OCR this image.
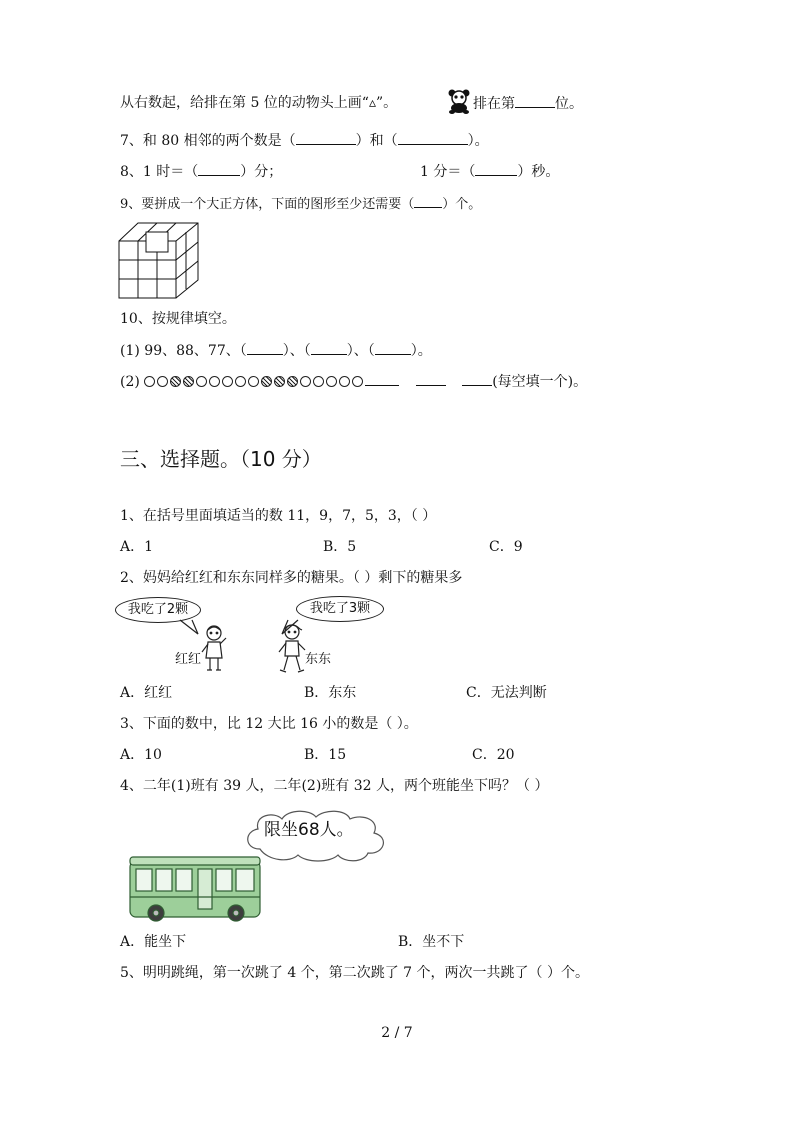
从右数起，给排在第 5 位的动物头上画“▵”。	排在第	位。
7、和 80 相邻的两个数是（	）和（	）。
8、1 时＝（	）分；	1 分＝（	）秒。
9、要拼成一个大正方体，下面的图形至少还需要（ ）个。
10、按规律填空。
(1) 99、88、77、（	）、（	）、（	）。
(2)	(每空填一个)。
三、选择题。（10 分）
1、在括号里面填适当的数 11，9，7，5，3，（ ）
A．1	B．5	C．9
2、妈妈给红红和东东同样多的糖果。（ ）剩下的糖果多
我吃了2颗	我吃了3颗
红红	东东
A．红红	B．东东	C．无法判断
3、下面的数中，比 12 大比 16 小的数是（ ）。
A．10	B．15	C．20
4、二年(1)班有 39 人，二年(2)班有 32 人，两个班能坐下吗？（ ）
限坐68人。
A．能坐下	B．坐不下
5、明明跳绳，第一次跳了 4 个，第二次跳了 7 个，两次一共跳了（ ）个。
2 / 7
